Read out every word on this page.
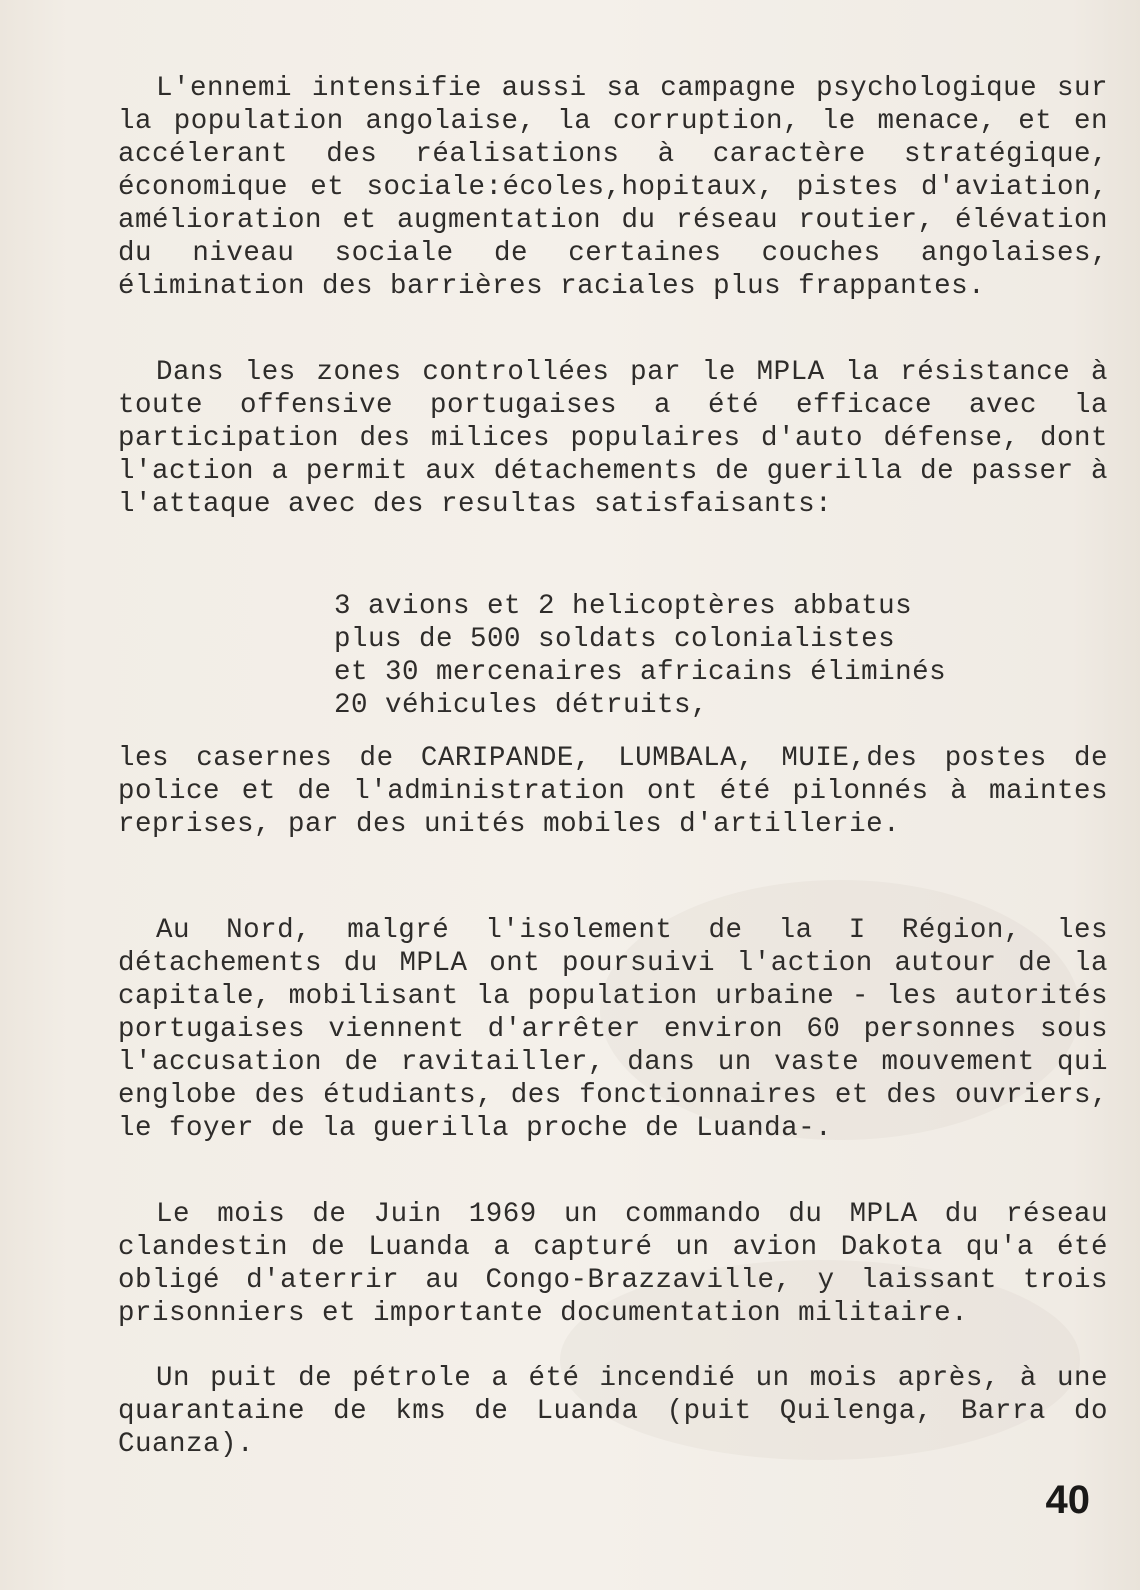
L'ennemi intensifie aussi sa campagne psychologique sur la population angolaise, la corruption, le menace, et en accélerant des réalisations à caractère stratégique, économique et sociale:écoles,hopitaux, pistes d'aviation, amélioration et augmentation du réseau routier, élévation du niveau sociale de certaines couches angolaises, élimination des barrières raciales plus frappantes.

Dans les zones controllées par le MPLA la résistance à toute offensive portugaises a été efficace avec la participation des milices populaires d'auto défense, dont l'action a permit aux détachements de guerilla de passer à l'attaque avec des resultas satisfaisants:

3 avions et 2 helicoptères abbatus
plus de 500 soldats colonialistes
et 30 mercenaires africains éliminés
20 véhicules détruits,

les casernes de CARIPANDE, LUMBALA, MUIE,des postes de police et de l'administration ont été pilonnés à maintes reprises, par des unités mobiles d'artillerie.

Au Nord, malgré l'isolement de la I Région, les détachements du MPLA ont poursuivi l'action autour de la capitale, mobilisant la population urbaine - les autorités portugaises viennent d'arrêter environ 60 personnes sous l'accusation de ravitailler, dans un vaste mouvement qui englobe des étudiants, des fonctionnaires et des ouvriers, le foyer de la guerilla proche de Luanda-.

Le mois de Juin 1969 un commando du MPLA du réseau clandestin de Luanda a capturé un avion Dakota qu'a été obligé d'aterrir au Congo-Brazzaville, y laissant trois prisonniers et importante documentation militaire.

Un puit de pétrole a été incendié un mois après, à une quarantaine de kms de Luanda (puit Quilenga, Barra do Cuanza).

40
